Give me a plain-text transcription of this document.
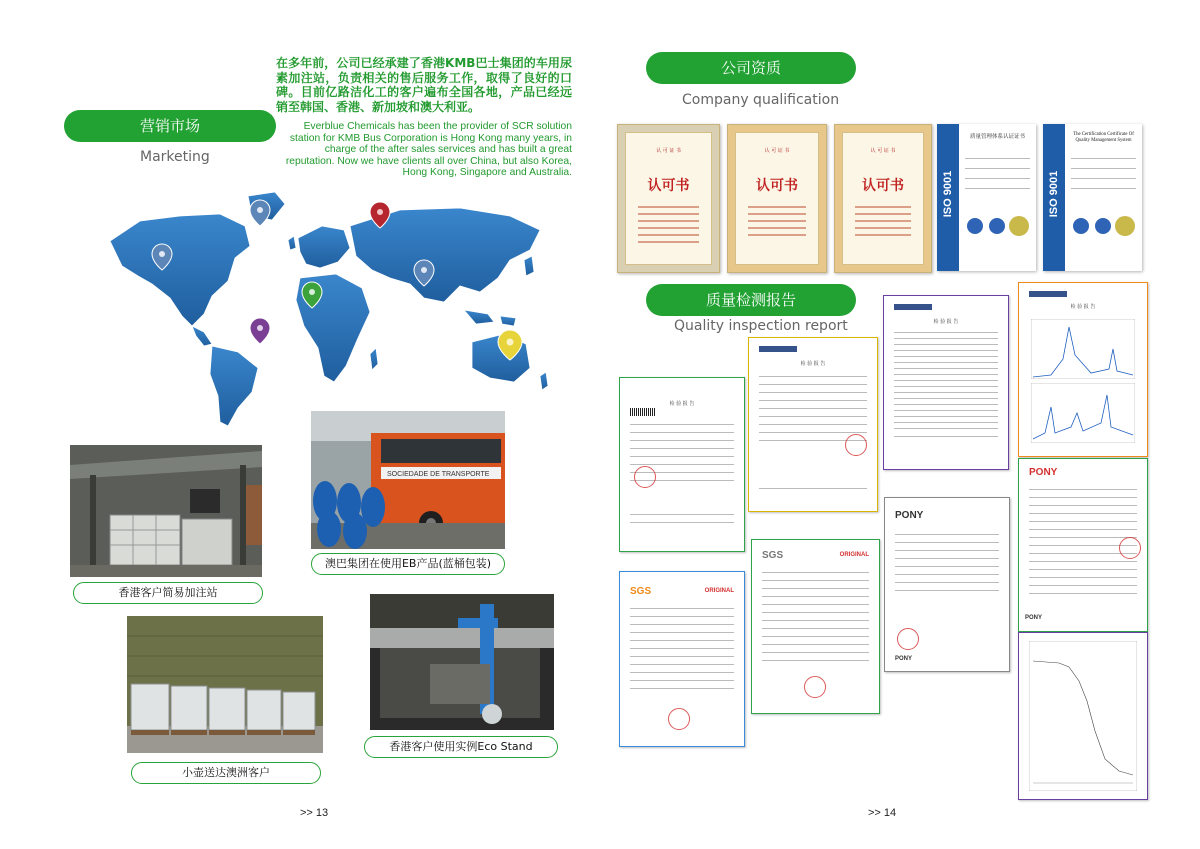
在多年前，公司已经承建了香港KMB巴士集团的车用尿素加注站，负责相关的售后服务工作，取得了良好的口碑。目前亿路洁化工的客户遍布全国各地，产品已经远销至韩国、香港、新加坡和澳大利亚。
Everblue Chemicals has been the provider of SCR solution station for KMB Bus Corporation is Hong Kong many years, in charge of the after sales services and has built a great reputation. Now we have clients all over China, but also Korea, Hong Kong, Singapore and Australia.
营销市场
Marketing
香港客户简易加注站
SOCIEDADE DE TRANSPORTE
澳巴集团在使用EB产品(蓝桶包装)
小壶送达澳洲客户
香港客户使用实例Eco Stand
>> 13
公司资质
Company qualification
认 可 证 书
认可书
认 可 证 书
认可书
认 可 证 书
认可书	ISO 9001
质量管理体系认证证书
ISO 9001
The Certification Certificate Of Quality Management System
质量检测报告
Quality inspection report
检 验 报 告
SGS	ORIGINAL
检 验 报 告
SGS	ORIGINAL
检 验 报 告
PONY
PONY
检 验 报 告
PONY
PONY
>> 14
